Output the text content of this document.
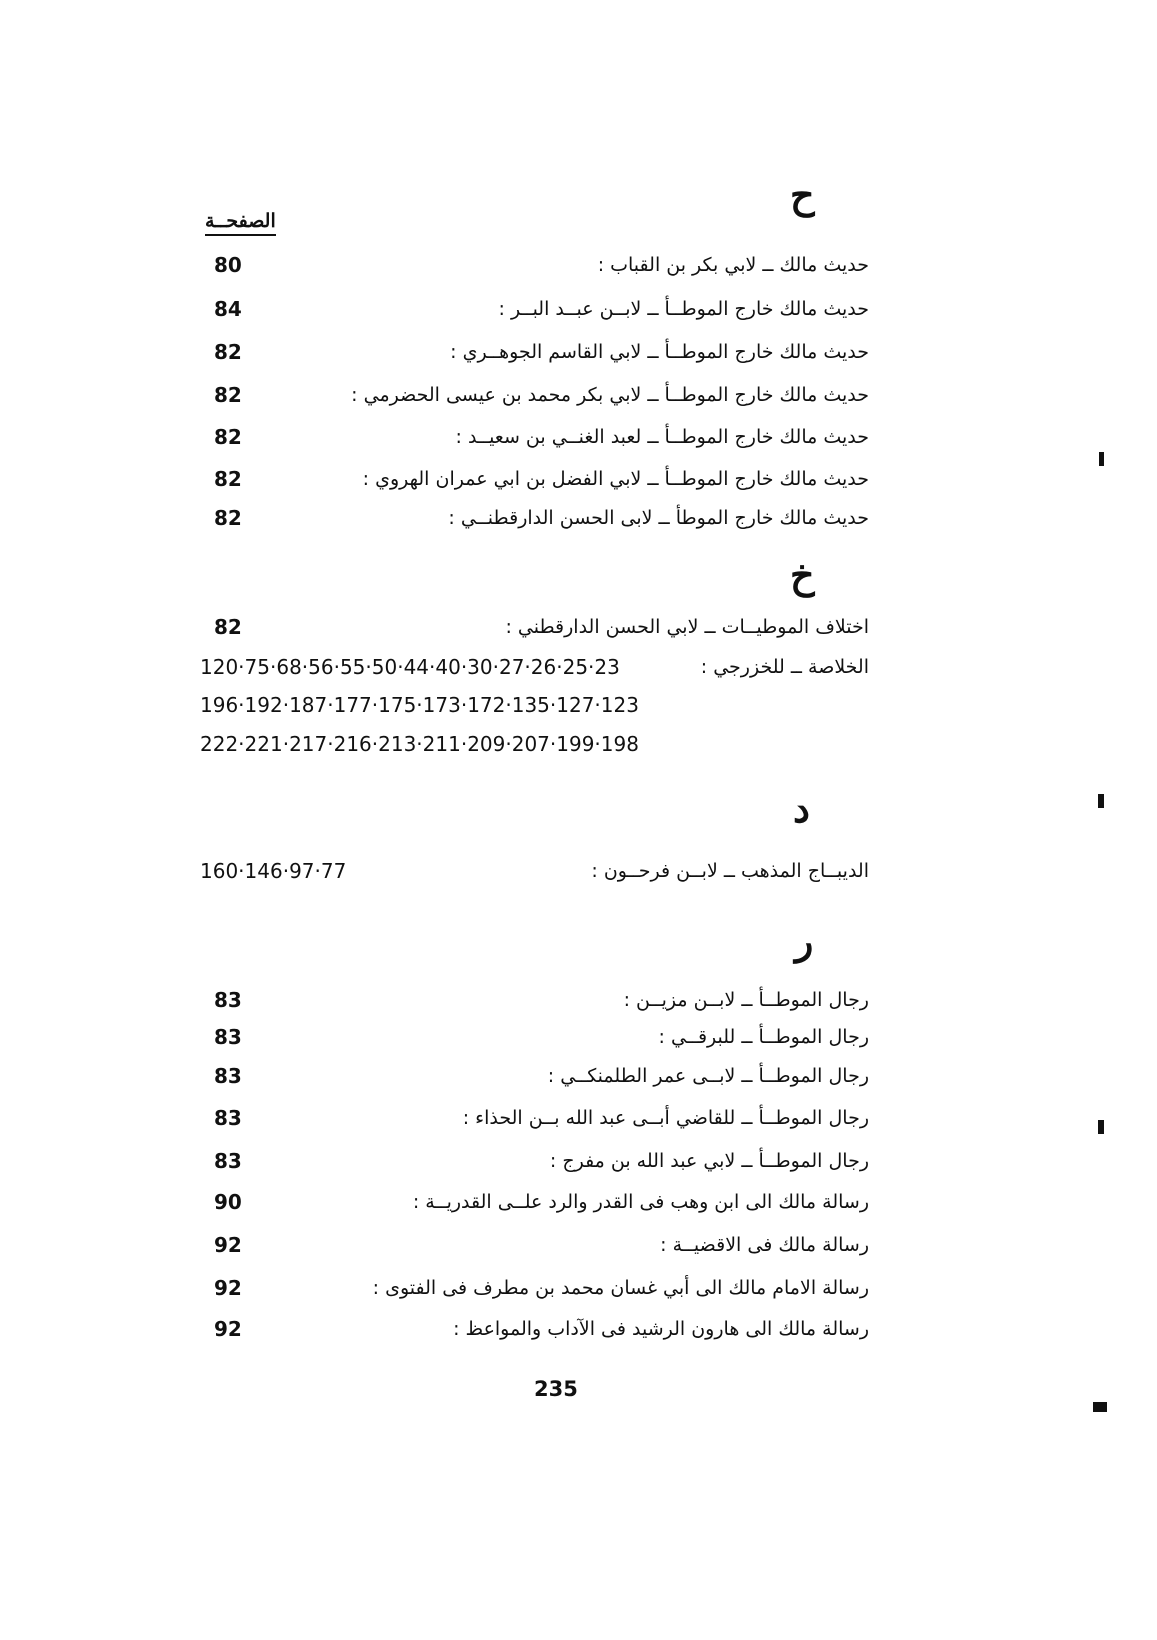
الصفحــة
ح
حديث مالك ــ لابي بكر بن القباب :
80
حديث مالك خارج الموطــأ ــ لابــن عبــد البــر :
84
حديث مالك خارج الموطــأ ــ لابي القاسم الجوهــري :
82
حديث مالك خارج الموطــأ ــ لابي بكر محمد بن عيسى الحضرمي :
82
حديث مالك خارج الموطــأ ــ لعبد الغنــي بن سعيــد :
82
حديث مالك خارج الموطــأ ــ لابي الفضل بن ابي عمران الهروي :
82
حديث مالك خارج الموطأ ــ لابى الحسن الدارقطنــي :
82
خ
اختلاف الموطيــات ــ لابي الحسن الدارقطني :
82
الخلاصة ــ للخزرجي :
120·75·68·56·55·50·44·40·30·27·26·25·23
196·192·187·177·175·173·172·135·127·123
222·221·217·216·213·211·209·207·199·198
د
الديبــاج المذهب ــ لابــن فرحــون :
160·146·97·77
ر
رجال الموطــأ ــ لابــن مزيــن :
83
رجال الموطــأ ــ للبرقــي :
83
رجال الموطــأ ــ لابــى عمر الطلمنكــي :
83
رجال الموطــأ ــ للقاضي أبــى عبد الله بــن الحذاء :
83
رجال الموطــأ ــ لابي عبد الله بن مفرج :
83
رسالة مالك الى ابن وهب فى القدر والرد علــى القدريــة :
90
رسالة مالك فى الاقضيــة :
92
رسالة الامام مالك الى أبي غسان محمد بن مطرف فى الفتوى :
92
رسالة مالك الى هارون الرشيد فى الآداب والمواعظ :
92
235
